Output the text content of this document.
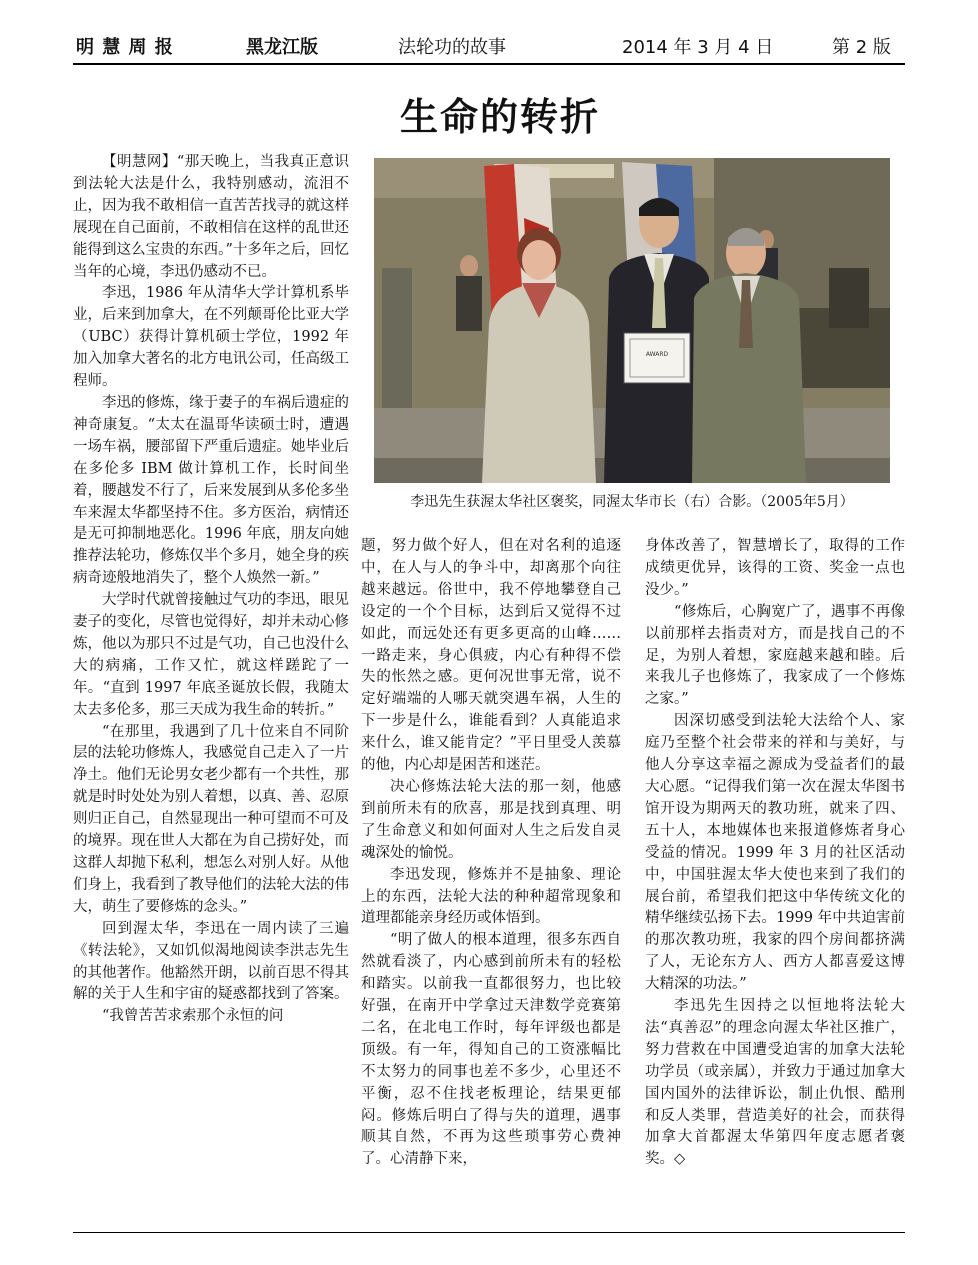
明 慧 周 报	黑龙江版	法轮功的故事	2014 年 3 月 4 日	第 2 版
生命的转折
AWARD
李迅先生获渥太华社区褒奖，同渥太华市长（右）合影。（2005年5月）

【明慧网】“那天晚上，当我真正意识到法轮大法是什么，我特别感动，流泪不止，因为我不敢相信一直苦苦找寻的就这样展现在自己面前，不敢相信在这样的乱世还能得到这么宝贵的东西。”十多年之后，回忆当年的心境，李迅仍感动不已。

李迅，1986 年从清华大学计算机系毕业，后来到加拿大，在不列颠哥伦比亚大学（UBC）获得计算机硕士学位，1992 年加入加拿大著名的北方电讯公司，任高级工程师。

李迅的修炼，缘于妻子的车祸后遗症的神奇康复。“太太在温哥华读硕士时，遭遇一场车祸，腰部留下严重后遗症。她毕业后在多伦多 IBM 做计算机工作，长时间坐着，腰越发不行了，后来发展到从多伦多坐车来渥太华都坚持不住。多方医治，病情还是无可抑制地恶化。1996 年底，朋友向她推荐法轮功，修炼仅半个多月，她全身的疾病奇迹般地消失了，整个人焕然一新。”

大学时代就曾接触过气功的李迅，眼见妻子的变化，尽管也觉得好，却并未动心修炼，他以为那只不过是气功，自己也没什么大的病痛，工作又忙，就这样蹉跎了一年。“直到 1997 年底圣诞放长假，我随太太去多伦多，那三天成为我生命的转折。”

“在那里，我遇到了几十位来自不同阶层的法轮功修炼人，我感觉自己走入了一片净土。他们无论男女老少都有一个共性，那就是时时处处为别人着想，以真、善、忍原则归正自己，自然显现出一种可望而不可及的境界。现在世人大都在为自己捞好处，而这群人却抛下私利，想怎么对别人好。从他们身上，我看到了教导他们的法轮大法的伟大，萌生了要修炼的念头。”

回到渥太华，李迅在一周内读了三遍《转法轮》，又如饥似渴地阅读李洪志先生的其他著作。他豁然开朗，以前百思不得其解的关于人生和宇宙的疑惑都找到了答案。

“我曾苦苦求索那个永恒的问

题，努力做个好人，但在对名利的追逐中，在人与人的争斗中，却离那个向往越来越远。俗世中，我不停地攀登自己设定的一个个目标，达到后又觉得不过如此，而远处还有更多更高的山峰……一路走来，身心俱疲，内心有种得不偿失的怅然之感。更何况世事无常，说不定好端端的人哪天就突遇车祸，人生的下一步是什么，谁能看到？人真能追求来什么，谁又能肯定？”平日里受人羡慕的他，内心却是困苦和迷茫。

决心修炼法轮大法的那一刻，他感到前所未有的欣喜，那是找到真理、明了生命意义和如何面对人生之后发自灵魂深处的愉悦。

李迅发现，修炼并不是抽象、理论上的东西，法轮大法的种种超常现象和道理都能亲身经历或体悟到。

“明了做人的根本道理，很多东西自然就看淡了，内心感到前所未有的轻松和踏实。以前我一直都很努力，也比较好强，在南开中学拿过天津数学竞赛第二名，在北电工作时，每年评级也都是顶级。有一年，得知自己的工资涨幅比不太努力的同事也差不多少，心里还不平衡，忍不住找老板理论，结果更郁闷。修炼后明白了得与失的道理，遇事顺其自然，不再为这些琐事劳心费神了。心清静下来，

身体改善了，智慧增长了，取得的工作成绩更优异，该得的工资、奖金一点也没少。”

“修炼后，心胸宽广了，遇事不再像以前那样去指责对方，而是找自己的不足，为别人着想，家庭越来越和睦。后来我儿子也修炼了，我家成了一个修炼之家。”

因深切感受到法轮大法给个人、家庭乃至整个社会带来的祥和与美好，与他人分享这幸福之源成为受益者们的最大心愿。“记得我们第一次在渥太华图书馆开设为期两天的教功班，就来了四、五十人，本地媒体也来报道修炼者身心受益的情况。1999 年 3 月的社区活动中，中国驻渥太华大使也来到了我们的展台前，希望我们把这中华传统文化的精华继续弘扬下去。1999 年中共迫害前的那次教功班，我家的四个房间都挤满了人，无论东方人、西方人都喜爱这博大精深的功法。”

李迅先生因持之以恒地将法轮大法“真善忍”的理念向渥太华社区推广，努力营救在中国遭受迫害的加拿大法轮功学员（或亲属），并致力于通过加拿大国内国外的法律诉讼，制止仇恨、酷刑和反人类罪，营造美好的社会，而获得加拿大首都渥太华第四年度志愿者褒奖。◇
